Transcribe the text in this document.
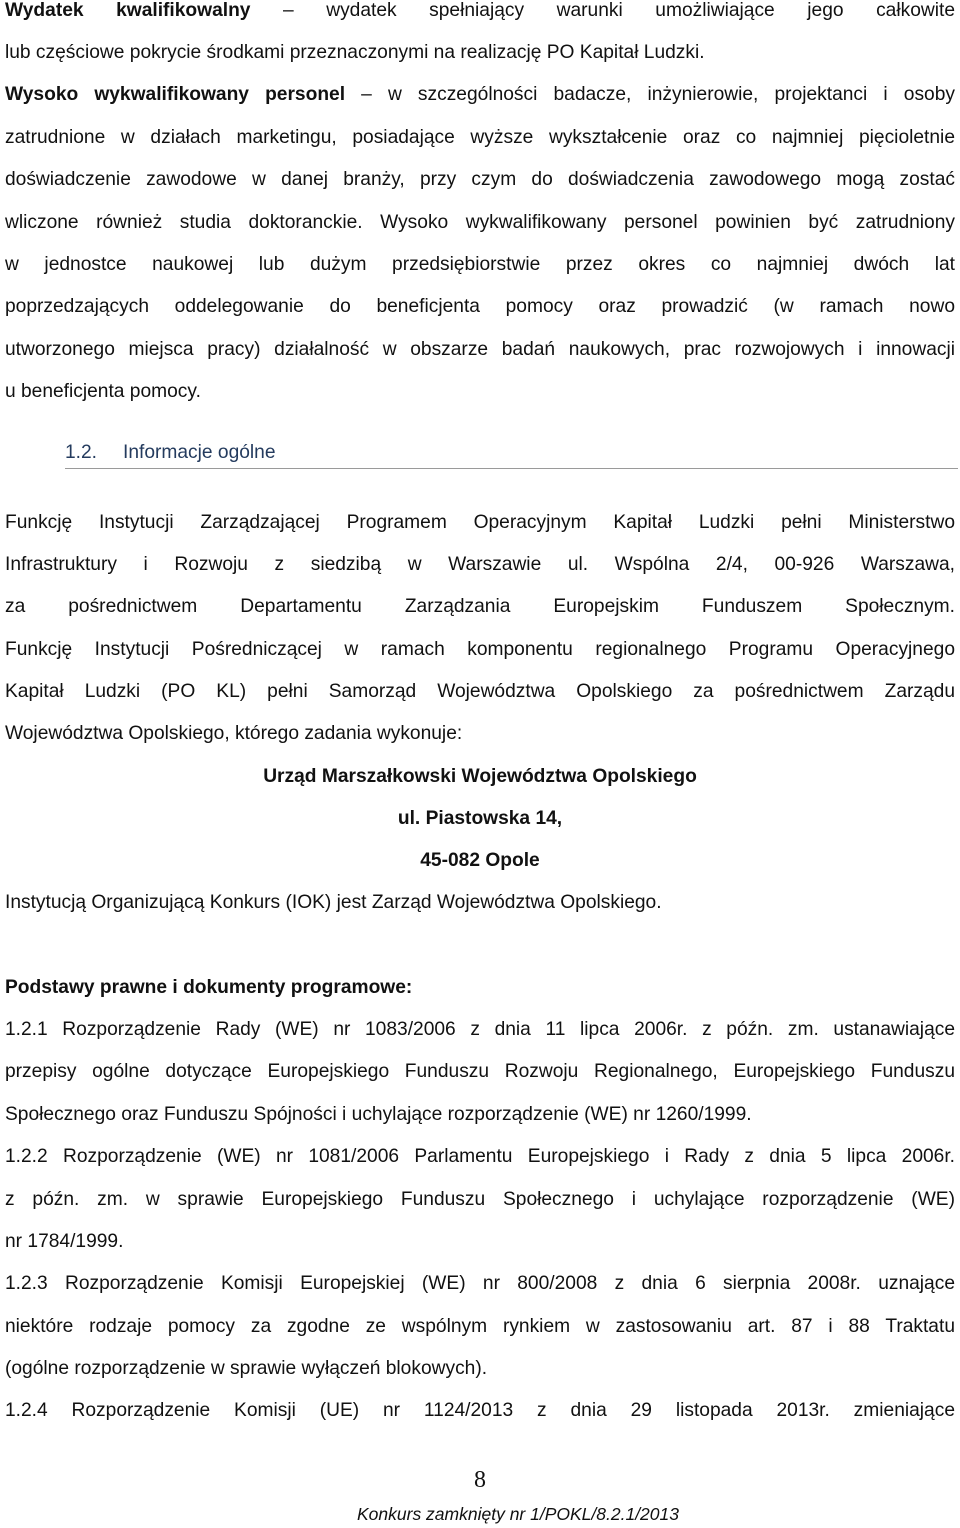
Wydatek kwalifikowalny – wydatek spełniający warunki umożliwiające jego całkowite
lub częściowe pokrycie środkami przeznaczonymi na realizację PO Kapitał Ludzki.
Wysoko wykwalifikowany personel – w szczególności badacze, inżynierowie, projektanci i osoby
zatrudnione w działach marketingu, posiadające wyższe wykształcenie oraz co najmniej pięcioletnie
doświadczenie zawodowe w danej branży, przy czym do doświadczenia zawodowego mogą zostać
wliczone również studia doktoranckie. Wysoko wykwalifikowany personel powinien być zatrudniony
w jednostce naukowej lub dużym przedsiębiorstwie przez okres co najmniej dwóch lat
poprzedzających oddelegowanie do beneficjenta pomocy oraz prowadzić (w ramach nowo
utworzonego miejsca pracy) działalność w obszarze badań naukowych, prac rozwojowych i innowacji
u beneficjenta pomocy.
1.2. Informacje ogólne
Funkcję Instytucji Zarządzającej Programem Operacyjnym Kapitał Ludzki pełni Ministerstwo
Infrastruktury i Rozwoju z siedzibą w Warszawie ul. Wspólna 2/4, 00-926 Warszawa,
za pośrednictwem Departamentu Zarządzania Europejskim Funduszem Społecznym.
Funkcję Instytucji Pośredniczącej w ramach komponentu regionalnego Programu Operacyjnego
Kapitał Ludzki (PO KL) pełni Samorząd Województwa Opolskiego za pośrednictwem Zarządu
Województwa Opolskiego, którego zadania wykonuje:
Urząd Marszałkowski Województwa Opolskiego
ul. Piastowska 14,
45-082 Opole
Instytucją Organizującą Konkurs (IOK) jest Zarząd Województwa Opolskiego.
Podstawy prawne i dokumenty programowe:
1.2.1 Rozporządzenie Rady (WE) nr 1083/2006 z dnia 11 lipca 2006r. z późn. zm. ustanawiające
przepisy ogólne dotyczące Europejskiego Funduszu Rozwoju Regionalnego, Europejskiego Funduszu
Społecznego oraz Funduszu Spójności i uchylające rozporządzenie (WE) nr 1260/1999.
1.2.2 Rozporządzenie (WE) nr 1081/2006 Parlamentu Europejskiego i Rady z dnia 5 lipca 2006r.
z późn. zm. w sprawie Europejskiego Funduszu Społecznego i uchylające rozporządzenie (WE)
nr 1784/1999.
1.2.3 Rozporządzenie Komisji Europejskiej (WE) nr 800/2008 z dnia 6 sierpnia 2008r. uznające
niektóre rodzaje pomocy za zgodne ze wspólnym rynkiem w zastosowaniu art. 87 i 88 Traktatu
(ogólne rozporządzenie w sprawie wyłączeń blokowych).
1.2.4 Rozporządzenie Komisji (UE) nr 1124/2013 z dnia 29 listopada 2013r. zmieniające
8
Konkurs zamknięty nr 1/POKL/8.2.1/2013
